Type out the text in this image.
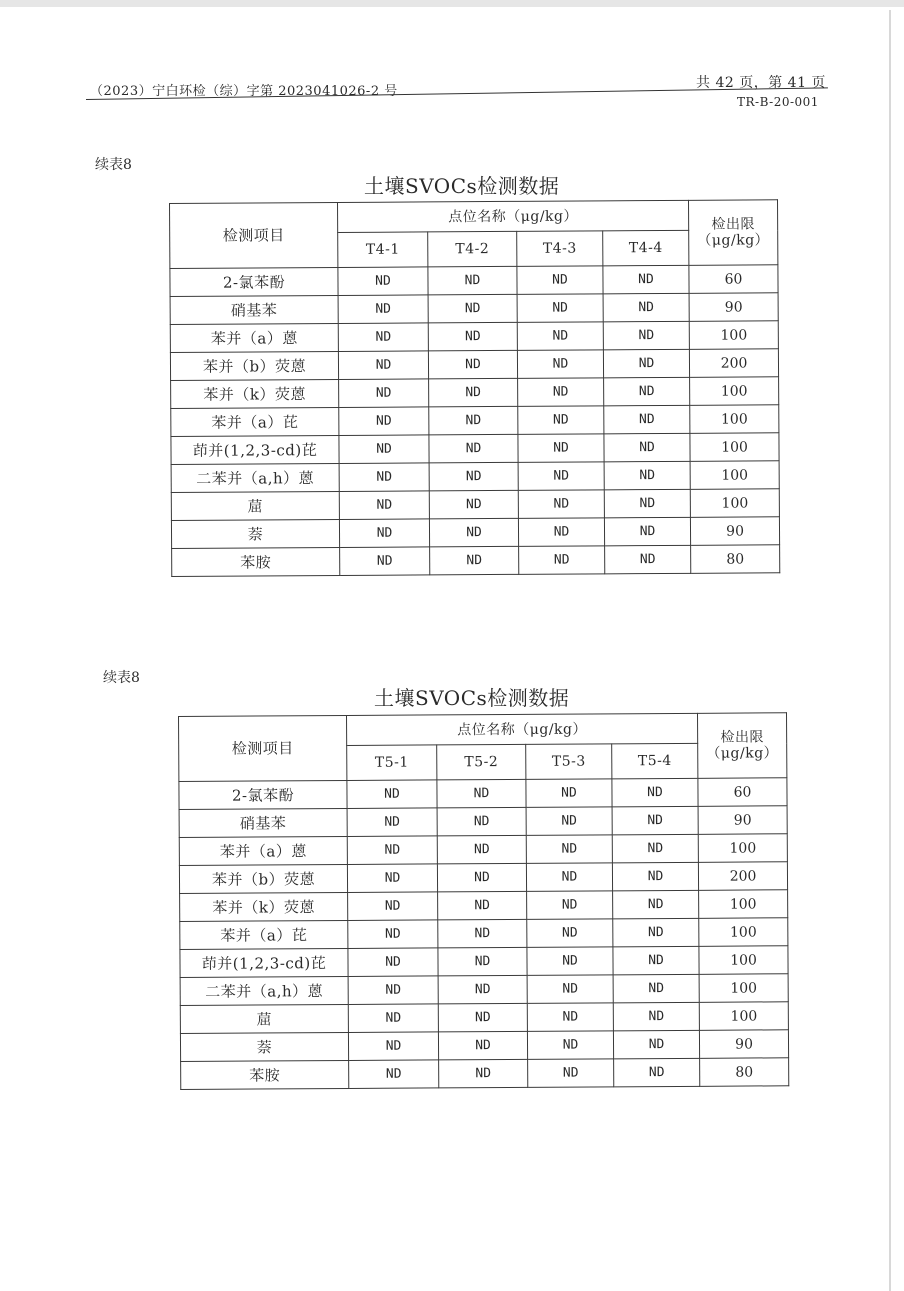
（2023）宁白环检（综）字第 2023041026-2 号
共 42 页，第 41 页
TR-B-20-001
续表8
土壤SVOCs检测数据
检测项目	点位名称（μg/kg）				检出限（μg/kg）
	T4-1	T4-2	T4-3	T4-4	
2-氯苯酚	ND	ND	ND	ND	60
硝基苯	ND	ND	ND	ND	90
苯并（a）蒽	ND	ND	ND	ND	100
苯并（b）荧蒽	ND	ND	ND	ND	200
苯并（k）荧蒽	ND	ND	ND	ND	100
苯并（a）芘	ND	ND	ND	ND	100
茚并(1,2,3-cd)芘	ND	ND	ND	ND	100
二苯并（a,h）蒽	ND	ND	ND	ND	100
䓛	ND	ND	ND	ND	100
萘	ND	ND	ND	ND	90
苯胺	ND	ND	ND	ND	80
续表8
土壤SVOCs检测数据
检测项目	点位名称（μg/kg）				检出限（μg/kg）
	T5-1	T5-2	T5-3	T5-4	
2-氯苯酚	ND	ND	ND	ND	60
硝基苯	ND	ND	ND	ND	90
苯并（a）蒽	ND	ND	ND	ND	100
苯并（b）荧蒽	ND	ND	ND	ND	200
苯并（k）荧蒽	ND	ND	ND	ND	100
苯并（a）芘	ND	ND	ND	ND	100
茚并(1,2,3-cd)芘	ND	ND	ND	ND	100
二苯并（a,h）蒽	ND	ND	ND	ND	100
䓛	ND	ND	ND	ND	100
萘	ND	ND	ND	ND	90
苯胺	ND	ND	ND	ND	80
